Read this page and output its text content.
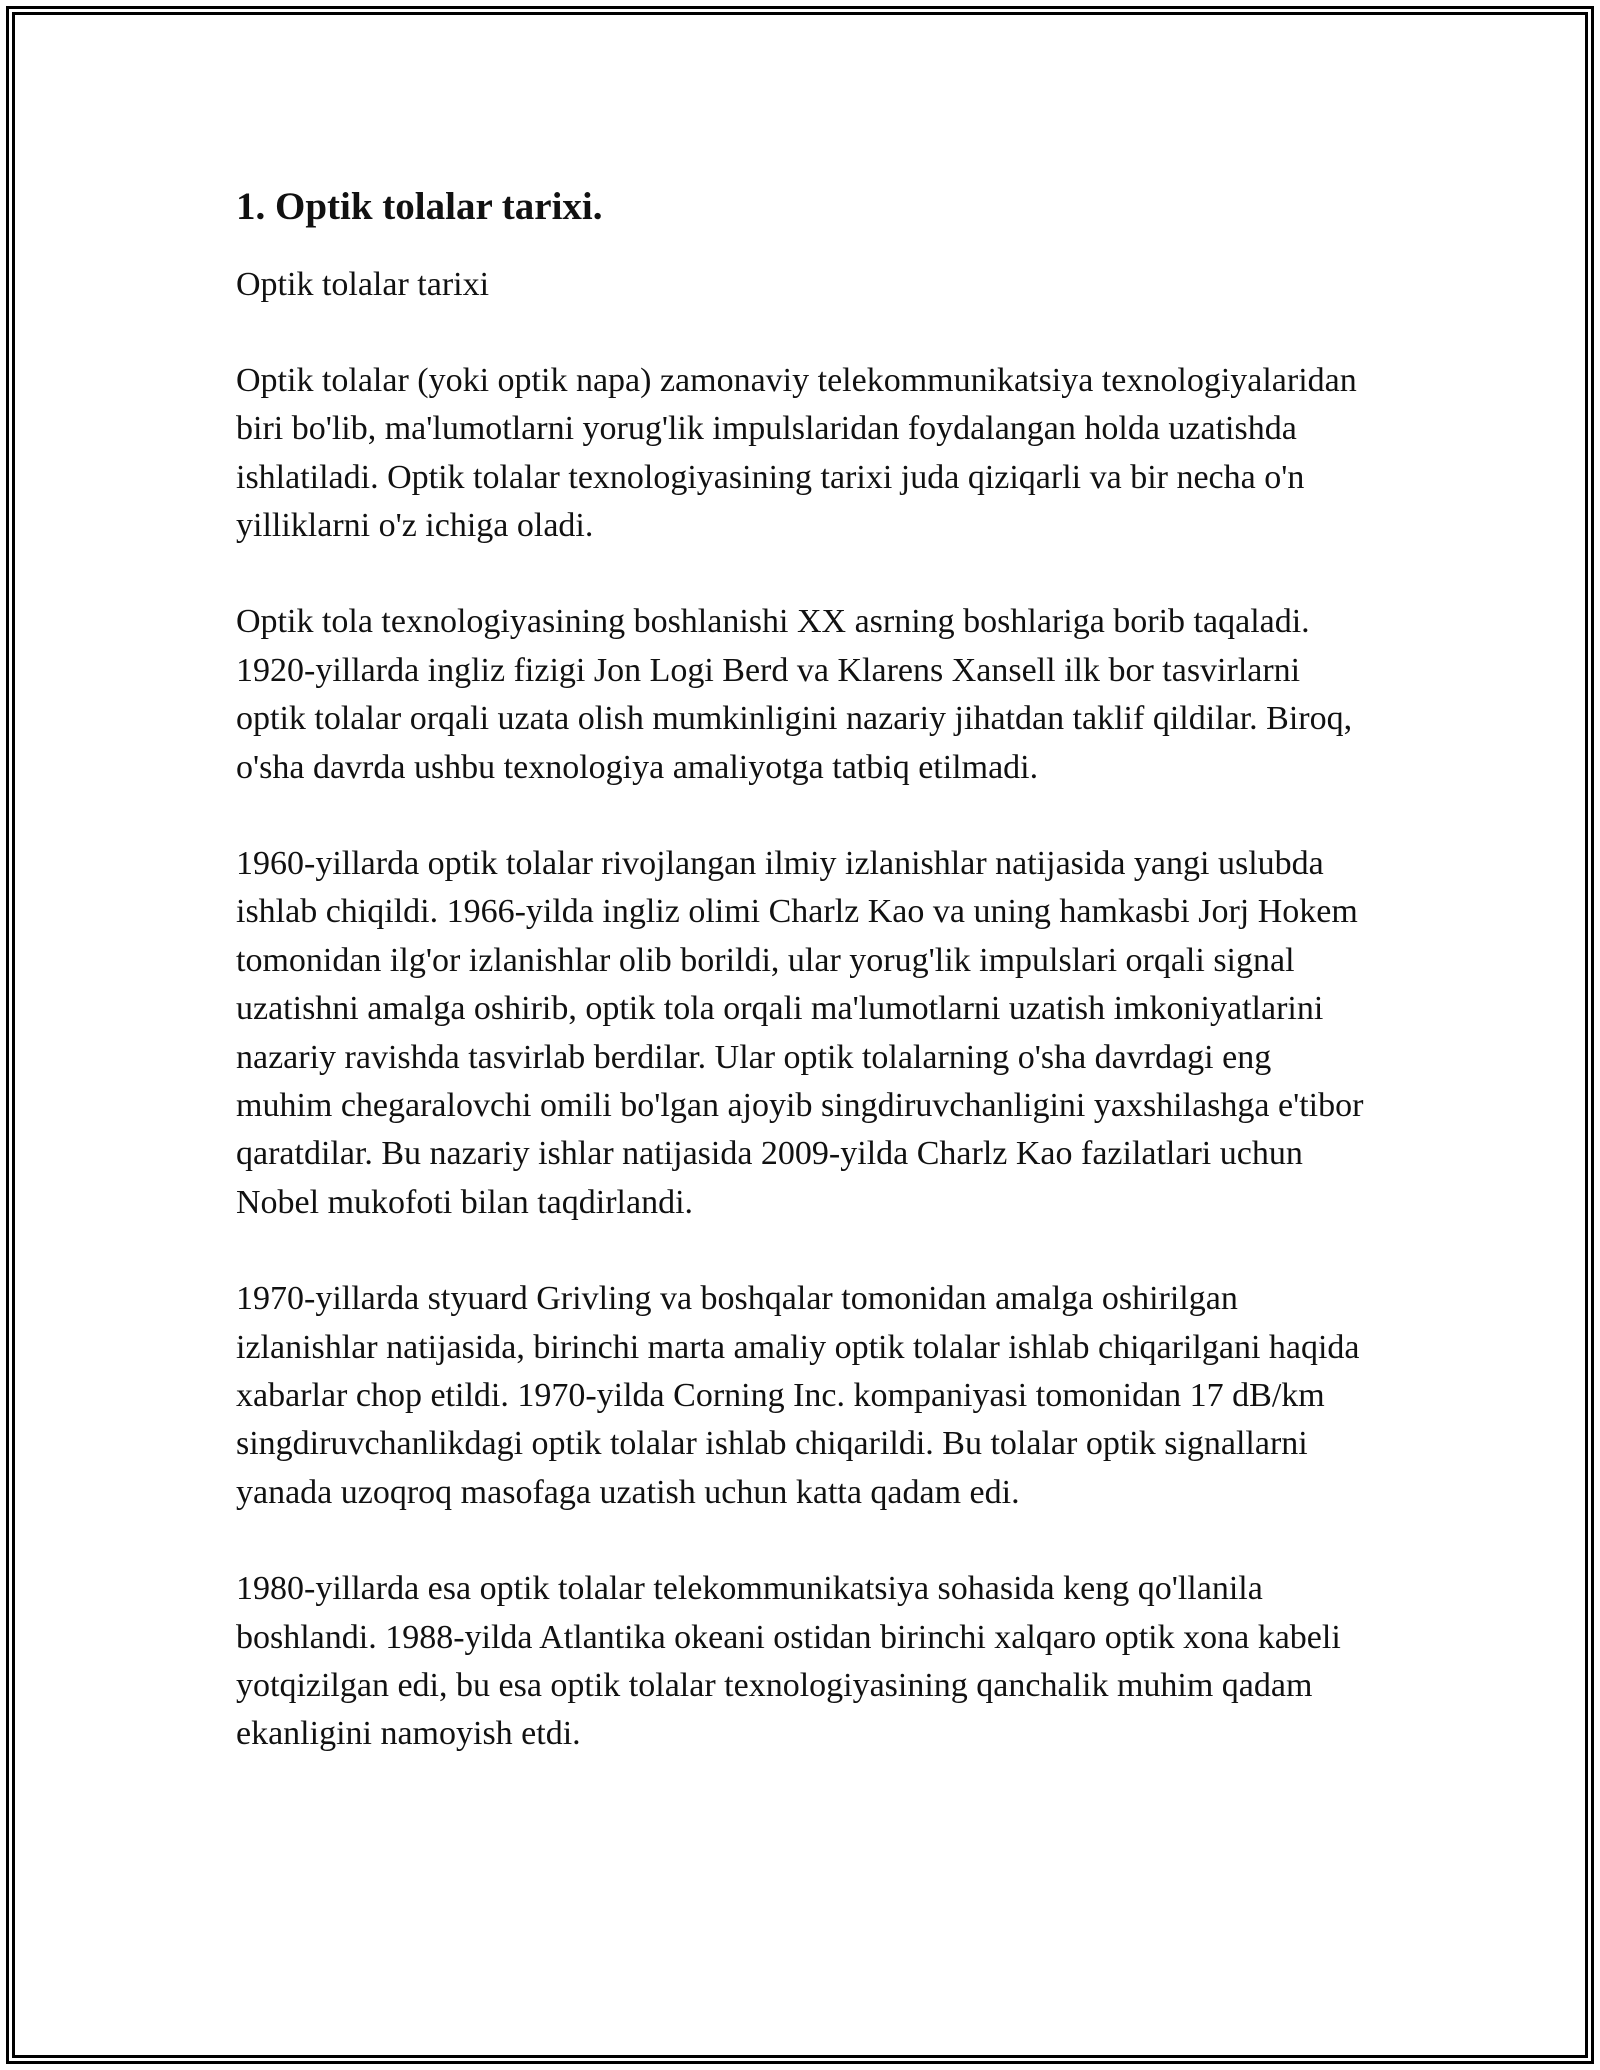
1. Optik tolalar tarixi.

Optik tolalar tarixi

Optik tolalar (yoki optik napa) zamonaviy telekommunikatsiya texnologiyalaridan biri bo'lib, ma'lumotlarni yorug'lik impulslaridan foydalangan holda uzatishda ishlatiladi. Optik tolalar texnologiyasining tarixi juda qiziqarli va bir necha o'n yilliklarni o'z ichiga oladi.

Optik tola texnologiyasining boshlanishi XX asrning boshlariga borib taqaladi. 1920-yillarda ingliz fizigi Jon Logi Berd va Klarens Xansell ilk bor tasvirlarni optik tolalar orqali uzata olish mumkinligini nazariy jihatdan taklif qildilar. Biroq, o'sha davrda ushbu texnologiya amaliyotga tatbiq etilmadi.

1960-yillarda optik tolalar rivojlangan ilmiy izlanishlar natijasida yangi uslubda ishlab chiqildi. 1966-yilda ingliz olimi Charlz Kao va uning hamkasbi Jorj Hokem tomonidan ilg'or izlanishlar olib borildi, ular yorug'lik impulslari orqali signal uzatishni amalga oshirib, optik tola orqali ma'lumotlarni uzatish imkoniyatlarini nazariy ravishda tasvirlab berdilar. Ular optik tolalarning o'sha davrdagi eng muhim chegaralovchi omili bo'lgan ajoyib singdiruvchanligini yaxshilashga e'tibor qaratdilar. Bu nazariy ishlar natijasida 2009-yilda Charlz Kao fazilatlari uchun Nobel mukofoti bilan taqdirlandi.

1970-yillarda styuard Grivling va boshqalar tomonidan amalga oshirilgan izlanishlar natijasida, birinchi marta amaliy optik tolalar ishlab chiqarilgani haqida xabarlar chop etildi. 1970-yilda Corning Inc. kompaniyasi tomonidan 17 dB/km singdiruvchanlikdagi optik tolalar ishlab chiqarildi. Bu tolalar optik signallarni yanada uzoqroq masofaga uzatish uchun katta qadam edi.

1980-yillarda esa optik tolalar telekommunikatsiya sohasida keng qo'llanila boshlandi. 1988-yilda Atlantika okeani ostidan birinchi xalqaro optik xona kabeli yotqizilgan edi, bu esa optik tolalar texnologiyasining qanchalik muhim qadam ekanligini namoyish etdi.
